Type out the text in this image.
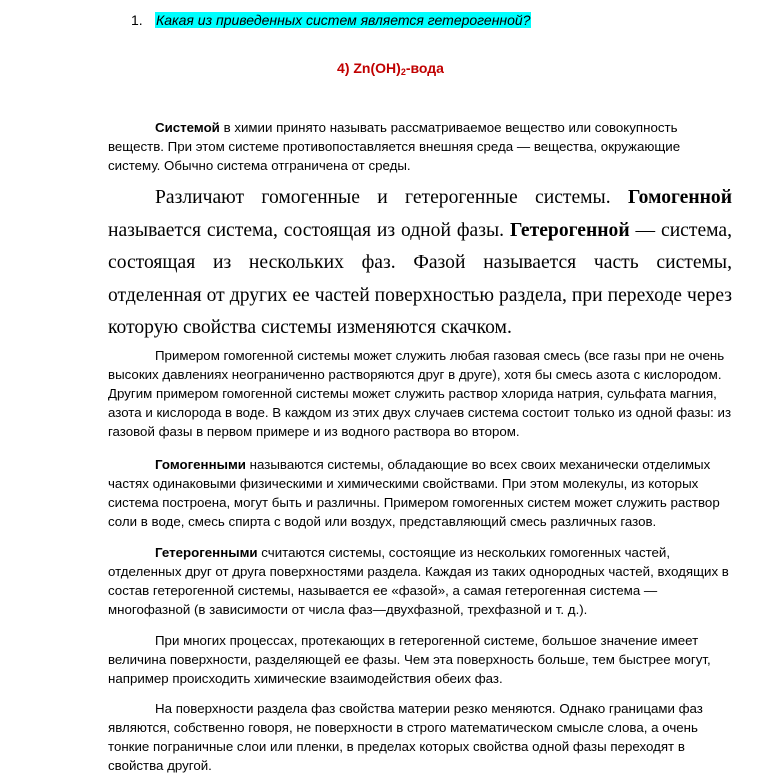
1. Какая из приведенных систем является гетерогенной?
4) $Zn(OH)_2$-вода

Системой в химии принято называть рассматриваемое вещество или совокупность веществ. При этом системе противопоставляется внешняя среда — вещества, окружающие систему. Обычно система отграничена от среды.

Различают гомогенные и гетерогенные системы. Гомогенной называется система, состоящая из одной фазы. Гетерогенной — система, состоящая из нескольких фаз. Фазой называется часть системы, отделенная от других ее частей поверхностью раздела, при переходе через которую свойства системы изменяются скачком.

Примером гомогенной системы может служить любая газовая смесь (все газы при не очень высоких давлениях неограниченно растворяются друг в друге), хотя бы смесь азота с кислородом. Другим примером гомогенной системы может служить раствор хлорида натрия, сульфата магния, азота и кислорода в воде. В каждом из этих двух случаев система состоит только из одной фазы: из газовой фазы в первом примере и из водного раствора во втором.

Гомогенными называются системы, обладающие во всех своих механически отделимых частях одинаковыми физическими и химическими свойствами. При этом молекулы, из которых система построена, могут быть и различны. Примером гомогенных систем может служить раствор соли в воде, смесь спирта с водой или воздух, представляющий смесь различных газов.

Гетерогенными считаются системы, состоящие из нескольких гомогенных частей, отделенных друг от друга поверхностями раздела. Каждая из таких однородных частей, входящих в состав гетерогенной системы, называется ее «фазой», а самая гетерогенная система — многофазной (в зависимости от числа фаз—двухфазной, трехфазной и т. д.).

При многих процессах, протекающих в гетерогенной системе, большое значение имеет величина поверхности, разделяющей ее фазы. Чем эта поверхность больше, тем быстрее могут, например происходить химические взаимодействия обеих фаз.

На поверхности раздела фаз свойства материи резко меняются. Однако границами фаз являются, собственно говоря, не поверхности в строго математическом смысле слова, а очень тонкие пограничные слои или пленки, в пределах которых свойства одной фазы переходят в свойства другой.
